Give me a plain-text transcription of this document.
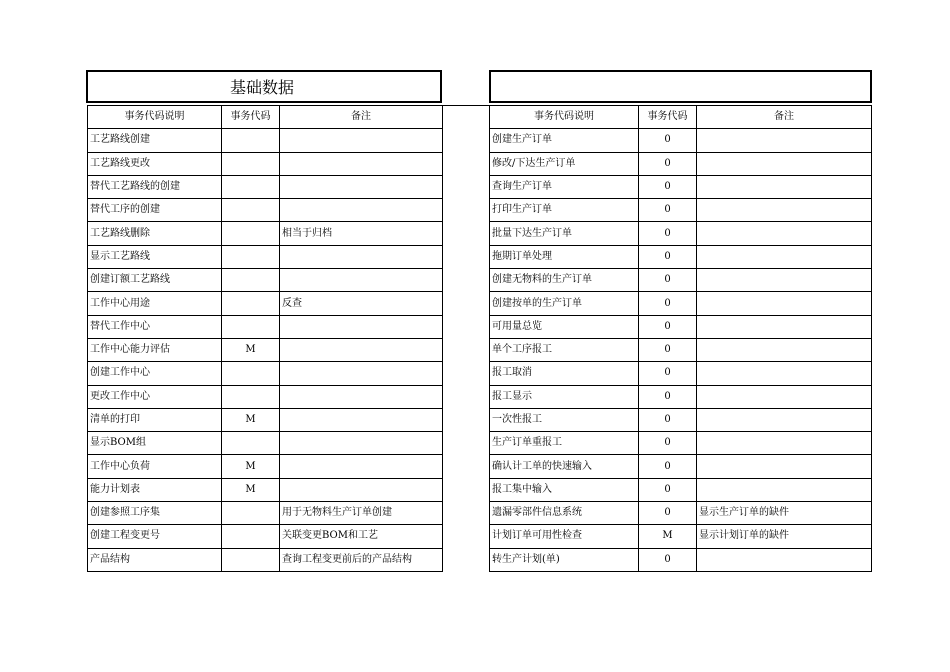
基础数据
事务代码说明	事务代码	备注	
工艺路线创建			
工艺路线更改			
替代工艺路线的创建			
替代工序的创建			
工艺路线删除		相当于归档	
显示工艺路线			
创建订额工艺路线			
工作中心用途		反查	
替代工作中心			
工作中心能力评估	M		
创建工作中心			
更改工作中心			
清单的打印	M		
显示BOM组			
工作中心负荷	M		
能力计划表	M		
创建参照工序集		用于无物料生产订单创建	
创建工程变更号		关联变更BOM和工艺	
产品结构		查询工程变更前后的产品结构	
事务代码说明	事务代码	备注
创建生产订单	0	
修改/下达生产订单	0	
查询生产订单	0	
打印生产订单	0	
批量下达生产订单	0	
拖期订单处理	0	
创建无物料的生产订单	0	
创建按单的生产订单	0	
可用量总览	0	
单个工序报工	0	
报工取消	0	
报工显示	0	
一次性报工	0	
生产订单重报工	0	
确认计工单的快速输入	0	
报工集中输入	0	
遗漏零部件信息系统	0	显示生产订单的缺件
计划订单可用性检查	M	显示计划订单的缺件
转生产计划(单)	0	
